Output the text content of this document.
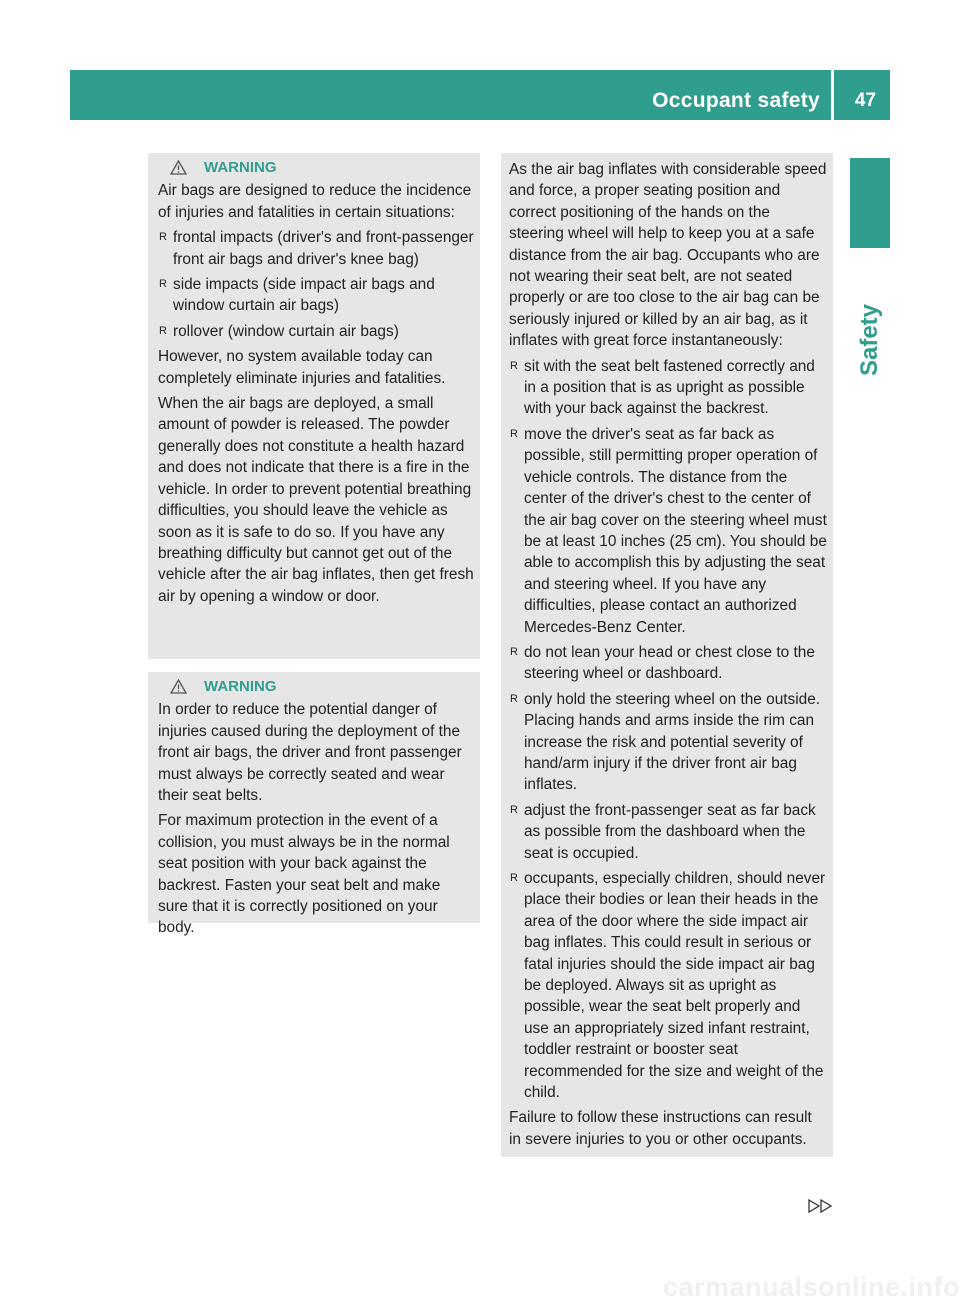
Occupant safety 47
Safety
WARNING

Air bags are designed to reduce the incidence of injuries and fatalities in certain situations:

R frontal impacts (driver's and front-passenger front air bags and driver's knee bag)
R side impacts (side impact air bags and window curtain air bags)
R rollover (window curtain air bags)

However, no system available today can completely eliminate injuries and fatalities.

When the air bags are deployed, a small amount of powder is released. The powder generally does not constitute a health hazard and does not indicate that there is a fire in the vehicle. In order to prevent potential breathing difficulties, you should leave the vehicle as soon as it is safe to do so. If you have any breathing difficulty but cannot get out of the vehicle after the air bag inflates, then get fresh air by opening a window or door.

WARNING

In order to reduce the potential danger of injuries caused during the deployment of the front air bags, the driver and front passenger must always be correctly seated and wear their seat belts.

For maximum protection in the event of a collision, you must always be in the normal seat position with your back against the backrest. Fasten your seat belt and make sure that it is correctly positioned on your body.

As the air bag inflates with considerable speed and force, a proper seating position and correct positioning of the hands on the steering wheel will help to keep you at a safe distance from the air bag. Occupants who are not wearing their seat belt, are not seated properly or are too close to the air bag can be seriously injured or killed by an air bag, as it inflates with great force instantaneously:

R sit with the seat belt fastened correctly and in a position that is as upright as possible with your back against the backrest.
R move the driver's seat as far back as possible, still permitting proper operation of vehicle controls. The distance from the center of the driver's chest to the center of the air bag cover on the steering wheel must be at least 10 inches (25 cm). You should be able to accomplish this by adjusting the seat and steering wheel. If you have any difficulties, please contact an authorized Mercedes-Benz Center.
R do not lean your head or chest close to the steering wheel or dashboard.
R only hold the steering wheel on the outside. Placing hands and arms inside the rim can increase the risk and potential severity of hand/arm injury if the driver front air bag inflates.
R adjust the front-passenger seat as far back as possible from the dashboard when the seat is occupied.
R occupants, especially children, should never place their bodies or lean their heads in the area of the door where the side impact air bag inflates. This could result in serious or fatal injuries should the side impact air bag be deployed. Always sit as upright as possible, wear the seat belt properly and use an appropriately sized infant restraint, toddler restraint or booster seat recommended for the size and weight of the child.

Failure to follow these instructions can result in severe injuries to you or other occupants.

carmanualsonline.info
